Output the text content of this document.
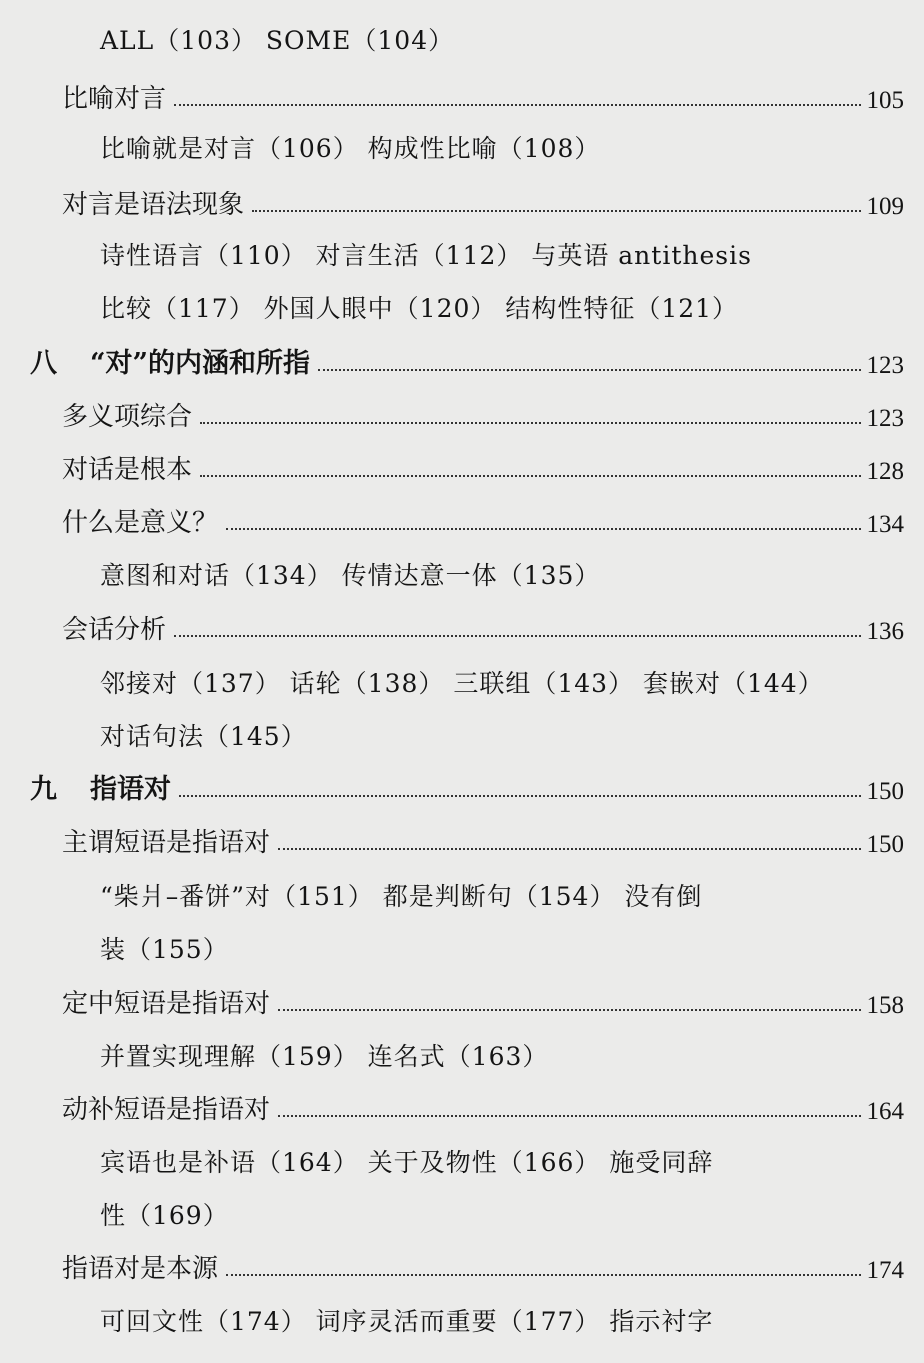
ALL（103） SOME（104）
比喻对言	105
比喻就是对言（106） 构成性比喻（108）
对言是语法现象	109
诗性语言（110） 对言生活（112） 与英语 antithesis
比较（117） 外国人眼中（120） 结构性特征（121）
八 “对”的内涵和所指	123
多义项综合	123
对话是根本	128
什么是意义？	134
意图和对话（134） 传情达意一体（135）
会话分析	136
邻接对（137） 话轮（138） 三联组（143） 套嵌对（144）
对话句法（145）
九 指语对	150
主谓短语是指语对	150
“柴爿–番饼”对（151） 都是判断句（154） 没有倒
装（155）
定中短语是指语对	158
并置实现理解（159） 连名式（163）
动补短语是指语对	164
宾语也是补语（164） 关于及物性（166） 施受同辞
性（169）
指语对是本源	174
可回文性（174） 词序灵活而重要（177） 指示衬字
